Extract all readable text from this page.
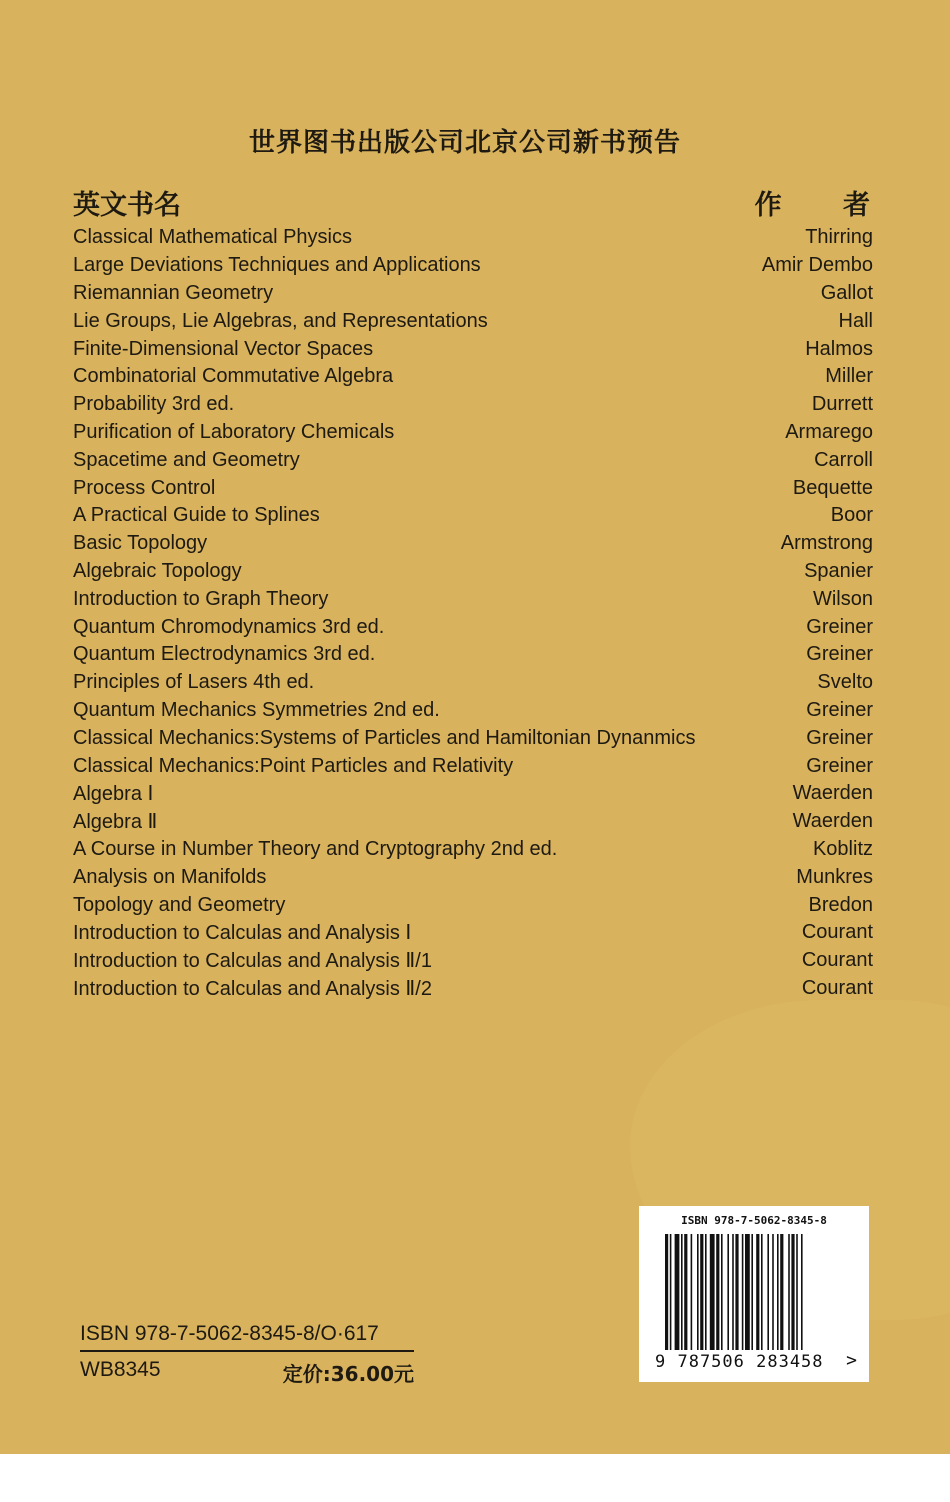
世界图书出版公司北京公司新书预告
英文书名	作 者
Classical Mathematical Physics	Thirring
Large Deviations Techniques and Applications	Amir Dembo
Riemannian Geometry	Gallot
Lie Groups, Lie Algebras, and Representations	Hall
Finite-Dimensional Vector Spaces	Halmos
Combinatorial Commutative Algebra	Miller
Probability 3rd ed.	Durrett
Purification of Laboratory Chemicals	Armarego
Spacetime and Geometry	Carroll
Process Control	Bequette
A Practical Guide to Splines	Boor
Basic Topology	Armstrong
Algebraic Topology	Spanier
Introduction to Graph Theory	Wilson
Quantum Chromodynamics 3rd ed.	Greiner
Quantum Electrodynamics 3rd ed.	Greiner
Principles of Lasers 4th ed.	Svelto
Quantum Mechanics Symmetries 2nd ed.	Greiner
Classical Mechanics:Systems of Particles and Hamiltonian Dynanmics	Greiner
Classical Mechanics:Point Particles and Relativity	Greiner
Algebra Ⅰ	Waerden
Algebra Ⅱ	Waerden
A Course in Number Theory and Cryptography 2nd ed.	Koblitz
Analysis on Manifolds	Munkres
Topology and Geometry	Bredon
Introduction to Calculas and Analysis Ⅰ	Courant
Introduction to Calculas and Analysis Ⅱ/1	Courant
Introduction to Calculas and Analysis Ⅱ/2	Courant
ISBN 978-7-5062-8345-8/O·617
WB8345	定价:36.00元
ISBN 978-7-5062-8345-8
9 787506 283458 >
